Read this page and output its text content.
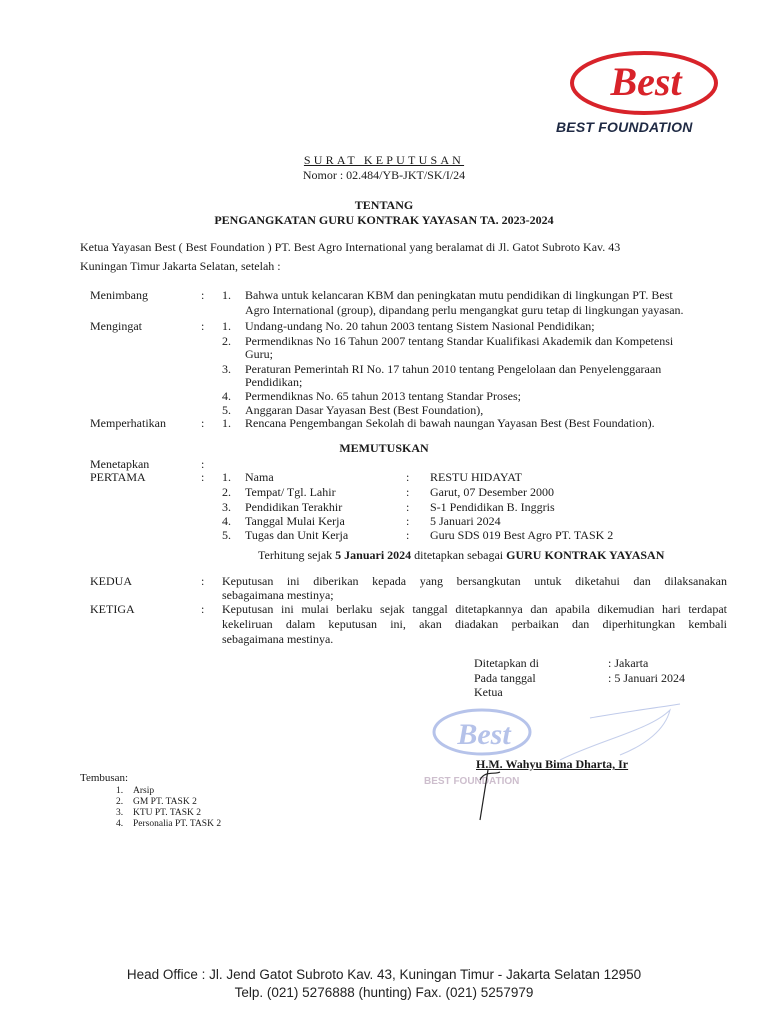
Best
BEST FOUNDATION
SURAT KEPUTUSAN
Nomor : 02.484/YB-JKT/SK/I/24
TENTANG
PENGANGKATAN GURU KONTRAK YAYASAN TA. 2023-2024
Ketua Yayasan Best ( Best Foundation ) PT. Best Agro International yang beralamat di Jl. Gatot Subroto Kav. 43
Kuningan Timur Jakarta Selatan, setelah :
Menimbang	: 1. Bahwa untuk kelancaran KBM dan peningkatan mutu pendidikan di lingkungan PT. Best
Agro International (group), dipandang perlu mengangkat guru tetap di lingkungan yayasan.
Mengingat	: 1. Undang-undang No. 20 tahun 2003 tentang Sistem Nasional Pendidikan;
2. Permendiknas No 16 Tahun 2007 tentang Standar Kualifikasi Akademik dan Kompetensi
Guru;
3. Peraturan Pemerintah RI No. 17 tahun 2010 tentang Pengelolaan dan Penyelenggaraan
Pendidikan;
4. Permendiknas No. 65 tahun 2013 tentang Standar Proses;
5. Anggaran Dasar Yayasan Best (Best Foundation),
Memperhatikan	: 1. Rencana Pengembangan Sekolah di bawah naungan Yayasan Best (Best Foundation).
MEMUTUSKAN
Menetapkan	:
PERTAMA	: 1. Nama	: RESTU HIDAYAT
2. Tempat/ Tgl. Lahir	: Garut, 07 Desember 2000
3. Pendidikan Terakhir	: S-1 Pendidikan B. Inggris
4. Tanggal Mulai Kerja	: 5 Januari 2024
5. Tugas dan Unit Kerja	: Guru SDS 019 Best Agro PT. TASK 2
Terhitung sejak 5 Januari 2024 ditetapkan sebagai GURU KONTRAK YAYASAN
KEDUA	: Keputusan ini diberikan kepada yang bersangkutan untuk diketahui dan dilaksanakan
sebagaimana mestinya;
KETIGA	: Keputusan ini mulai berlaku sejak tanggal ditetapkannya dan apabila dikemudian hari terdapat
kekeliruan dalam keputusan ini, akan diadakan perbaikan dan diperhitungkan kembali
sebagaimana mestinya.
Ditetapkan di	: Jakarta
Pada tanggal	: 5 Januari 2024
Ketua
Best
BEST FOUNDATION
H.M. Wahyu Bima Dharta, Ir
Tembusan:
1. Arsip
2. GM PT. TASK 2
3. KTU PT. TASK 2
4. Personalia PT. TASK 2
Head Office : Jl. Jend Gatot Subroto Kav. 43, Kuningan Timur - Jakarta Selatan 12950
Telp. (021) 5276888 (hunting) Fax. (021) 5257979
